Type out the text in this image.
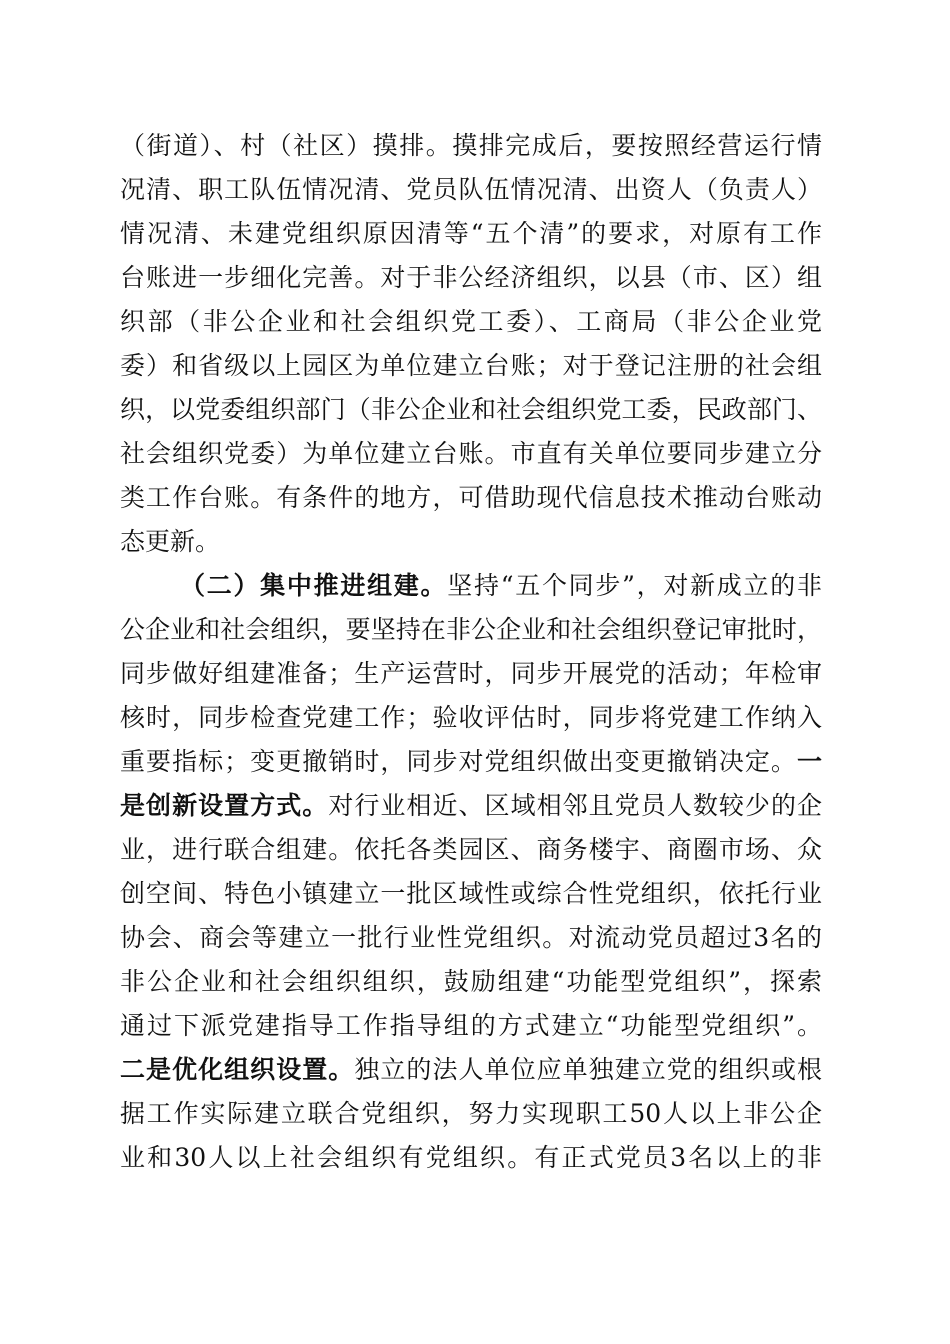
（街道）、村（社区）摸排。摸排完成后，要按照经营运行情
况清、职工队伍情况清、党员队伍情况清、出资人（负责人）
情况清、未建党组织原因清等“五个清”的要求，对原有工作
台账进一步细化完善。对于非公经济组织，以县（市、区）组
织部（非公企业和社会组织党工委）、工商局（非公企业党
委）和省级以上园区为单位建立台账；对于登记注册的社会组
织，以党委组织部门（非公企业和社会组织党工委，民政部门、
社会组织党委）为单位建立台账。市直有关单位要同步建立分
类工作台账。有条件的地方，可借助现代信息技术推动台账动
态更新。
（二）集中推进组建。坚持“五个同步”，对新成立的非
公企业和社会组织，要坚持在非公企业和社会组织登记审批时，
同步做好组建准备；生产运营时，同步开展党的活动；年检审
核时，同步检查党建工作；验收评估时，同步将党建工作纳入
重要指标；变更撤销时，同步对党组织做出变更撤销决定。一
是创新设置方式。对行业相近、区域相邻且党员人数较少的企
业，进行联合组建。依托各类园区、商务楼宇、商圈市场、众
创空间、特色小镇建立一批区域性或综合性党组织，依托行业
协会、商会等建立一批行业性党组织。对流动党员超过3名的
非公企业和社会组织组织，鼓励组建“功能型党组织”，探索
通过下派党建指导工作指导组的方式建立“功能型党组织”。
二是优化组织设置。独立的法人单位应单独建立党的组织或根
据工作实际建立联合党组织，努力实现职工50人以上非公企
业和30人以上社会组织有党组织。有正式党员3名以上的非
